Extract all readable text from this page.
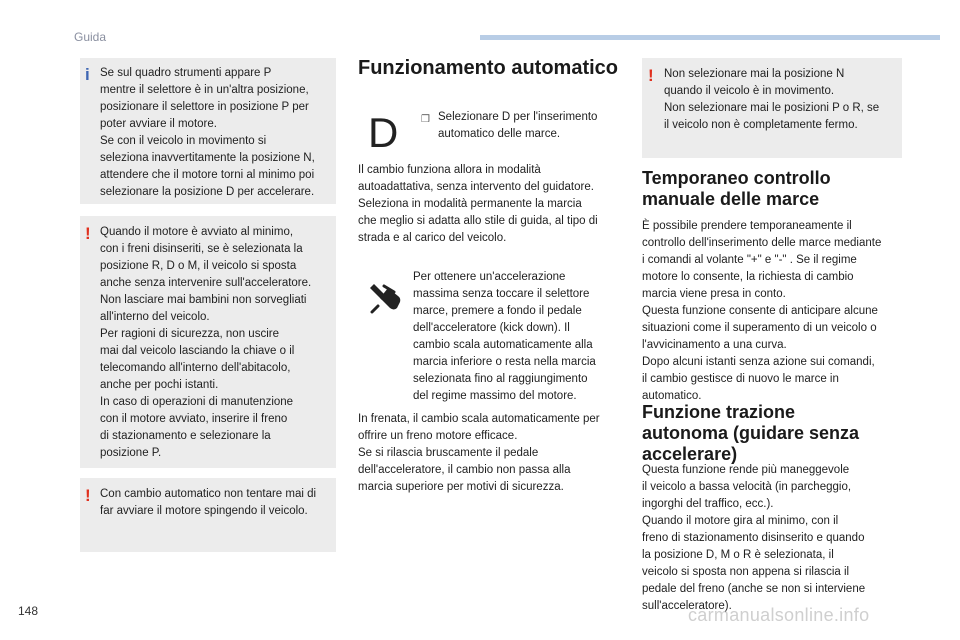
Guida
148	carmanualsonline.info
i Se sul quadro strumenti appare P
mentre il selettore è in un'altra posizione,
posizionare il selettore in posizione P per
poter avviare il motore.
Se con il veicolo in movimento si
seleziona inavvertitamente la posizione N,
attendere che il motore torni al minimo poi
selezionare la posizione D per accelerare.
! Quando il motore è avviato al minimo,
con i freni disinseriti, se è selezionata la
posizione R, D o M, il veicolo si sposta
anche senza intervenire sull'acceleratore.
Non lasciare mai bambini non sorvegliati
all'interno del veicolo.
Per ragioni di sicurezza, non uscire
mai dal veicolo lasciando la chiave o il
telecomando all'interno dell'abitacolo,
anche per pochi istanti.
In caso di operazioni di manutenzione
con il motore avviato, inserire il freno
di stazionamento e selezionare la
posizione P.
! Con cambio automatico non tentare mai di
far avviare il motore spingendo il veicolo.
Funzionamento automatico
D ❒ Selezionare D per l'inserimento
automatico delle marce.
Il cambio funziona allora in modalità
autoadattativa, senza intervento del guidatore.
Seleziona in modalità permanente la marcia
che meglio si adatta allo stile di guida, al tipo di
strada e al carico del veicolo.
Per ottenere un'accelerazione
massima senza toccare il selettore
marce, premere a fondo il pedale
dell'acceleratore (kick down). Il
cambio scala automaticamente alla
marcia inferiore o resta nella marcia
selezionata fino al raggiungimento
del regime massimo del motore.
In frenata, il cambio scala automaticamente per
offrire un freno motore efficace.
Se si rilascia bruscamente il pedale
dell'acceleratore, il cambio non passa alla
marcia superiore per motivi di sicurezza.
! Non selezionare mai la posizione N
quando il veicolo è in movimento.
Non selezionare mai le posizioni P o R, se
il veicolo non è completamente fermo.
Temporaneo controllo
manuale delle marce
È possibile prendere temporaneamente il
controllo dell'inserimento delle marce mediante
i comandi al volante "+" e "-" . Se il regime
motore lo consente, la richiesta di cambio
marcia viene presa in conto.
Questa funzione consente di anticipare alcune
situazioni come il superamento di un veicolo o
l'avvicinamento a una curva.
Dopo alcuni istanti senza azione sui comandi,
il cambio gestisce di nuovo le marce in
automatico.
Funzione trazione
autonoma (guidare senza
accelerare)
Questa funzione rende più maneggevole
il veicolo a bassa velocità (in parcheggio,
ingorghi del traffico, ecc.).
Quando il motore gira al minimo, con il
freno di stazionamento disinserito e quando
la posizione D, M o R è selezionata, il
veicolo si sposta non appena si rilascia il
pedale del freno (anche se non si interviene
sull'acceleratore).
